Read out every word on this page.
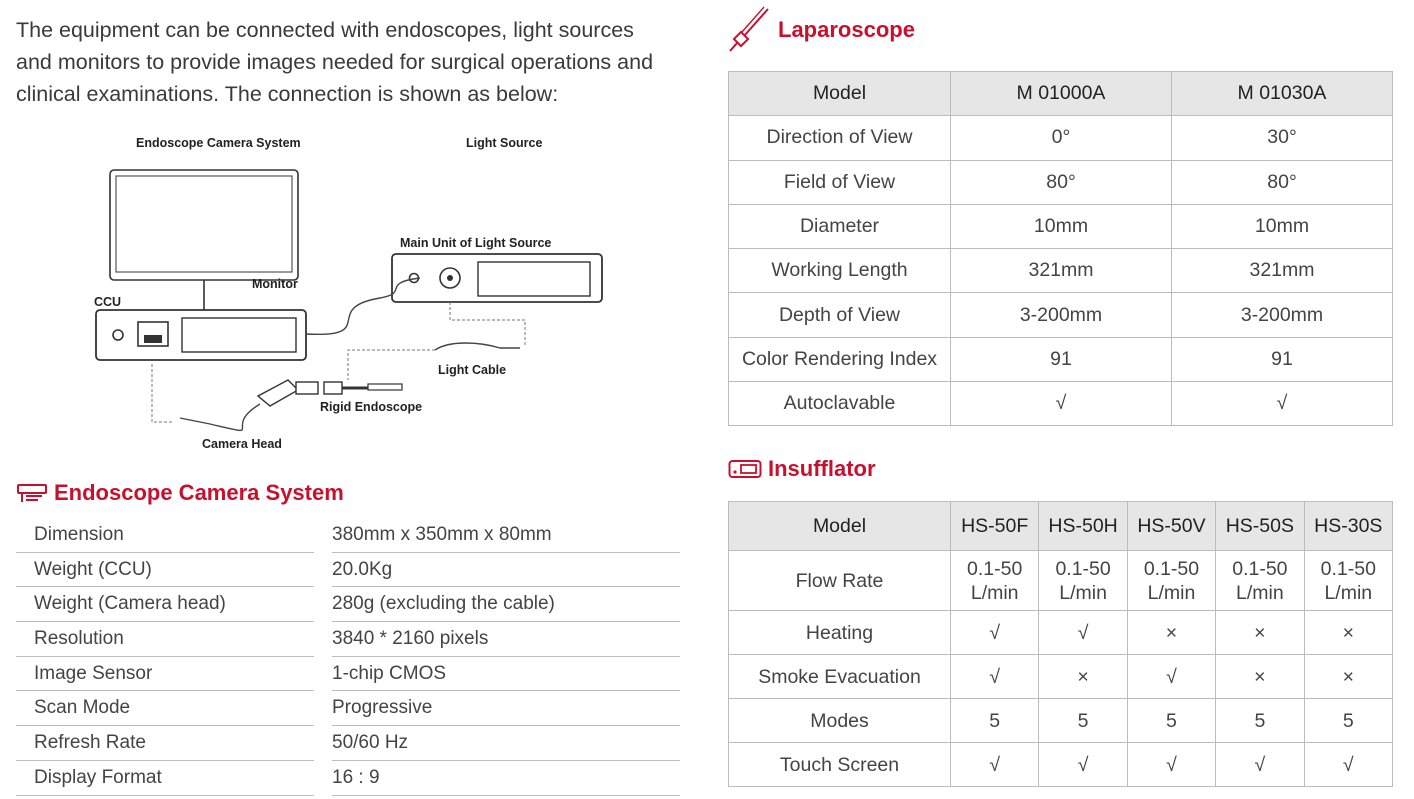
The equipment can be connected with endoscopes, light sources

and monitors to provide images needed for surgical operations and

clinical examinations. The connection is shown as below:

Endoscope Camera System	Light Source
Monitor
CCU
Main Unit of Light Source
Light Cable
Rigid Endoscope
Camera Head
Endoscope Camera System
Dimension	380mm x 350mm x 80mm
Weight (CCU)	20.0Kg
Weight (Camera head)	280g (excluding the cable)
Resolution	3840 * 2160 pixels
Image Sensor	1-chip CMOS
Scan Mode	Progressive
Refresh Rate	50/60 Hz
Display Format	16 : 9
Laparoscope
Model	M 01000A	M 01030A
Direction of View	0°	30°
Field of View	80°	80°
Diameter	10mm	10mm
Working Length	321mm	321mm
Depth of View	3-200mm	3-200mm
Color Rendering Index	91	91
Autoclavable	√	√
Insufflator
Model	HS-50F	HS-50H	HS-50V	HS-50S	HS-30S
Flow Rate	0.1-50 L/min	0.1-50 L/min	0.1-50 L/min	0.1-50 L/min	0.1-50 L/min
Heating	√	√	×	×	×
Smoke Evacuation	√	×	√	×	×
Modes	5	5	5	5	5
Touch Screen	√	√	√	√	√
